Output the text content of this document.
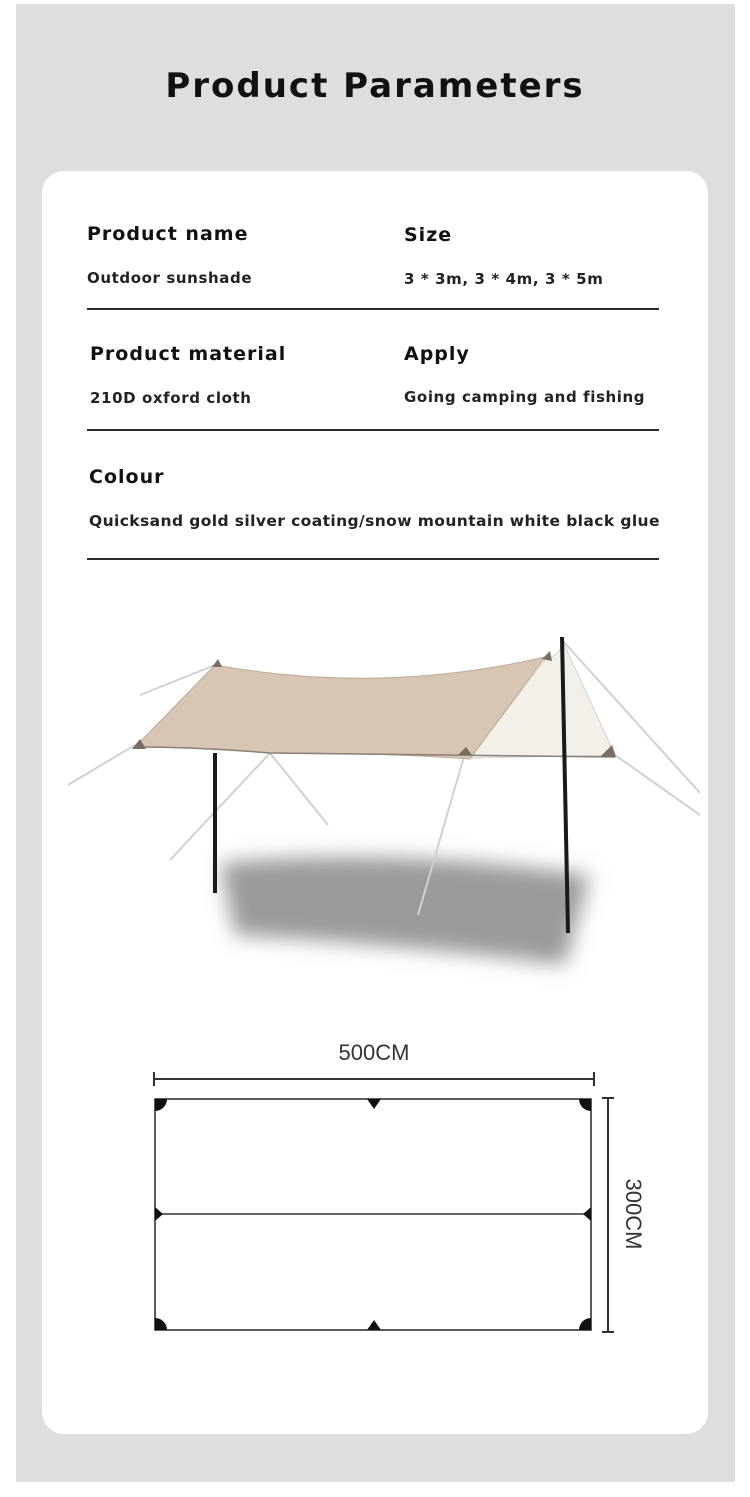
Product Parameters
Product name
Outdoor sunshade
Size
3 * 3m, 3 * 4m, 3 * 5m
Product material
210D oxford cloth
Apply
Going camping and fishing
Colour
Quicksand gold silver coating/snow mountain white black glue
500CM
300CM
